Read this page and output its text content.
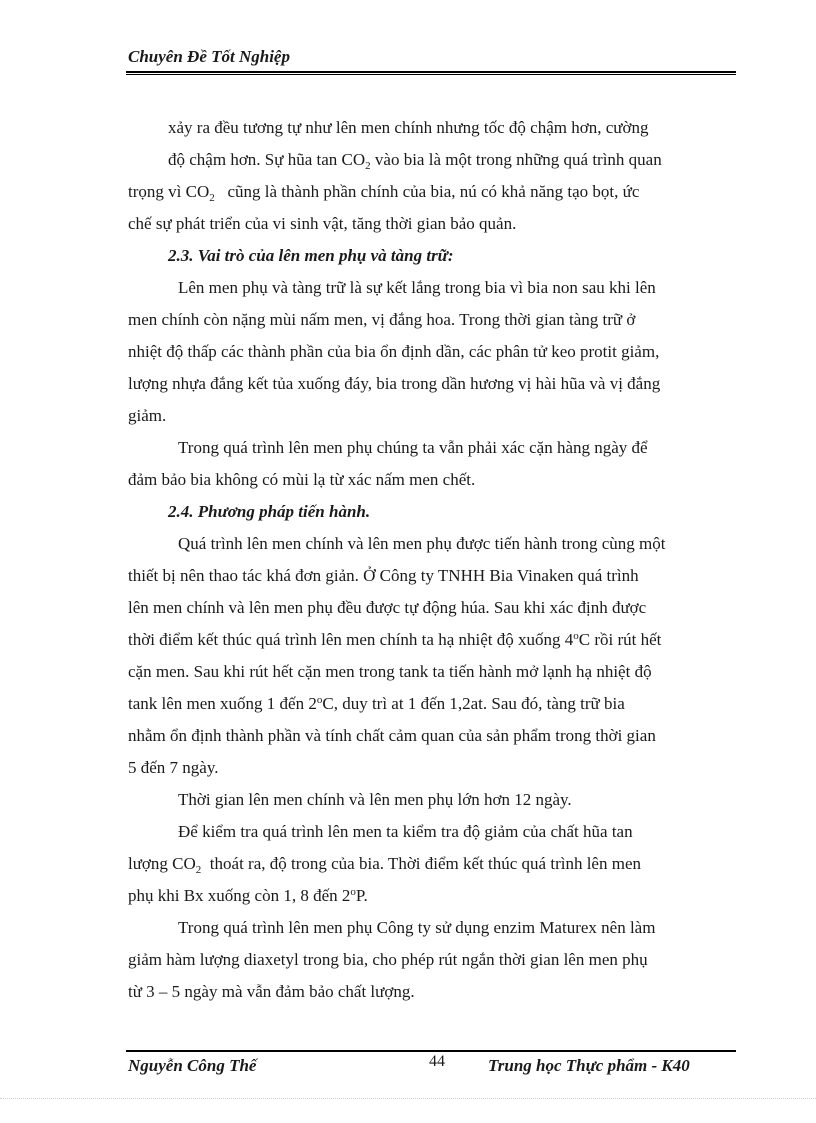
Chuyên Đề Tốt Nghiệp
xảy ra đều tương tự như lên men chính nhưng tốc độ chậm hơn, cường
độ chậm hơn. Sự hũa $\tan CO_2$ vào bia là một trong những quá trình quan
trọng vì $CO_2$   cũng là thành phần chính của bia, nú có khả năng tạo bọt, ức
chế sự phát triển của vi sinh vật, tăng thời gian bảo quản.
2.3. Vai trò của lên men phụ và tàng trữ:
Lên men phụ và tàng trữ là sự kết lắng trong bia vì bia non sau khi lên
men chính còn nặng mùi nấm men, vị đắng hoa. Trong thời gian tàng trữ ở
nhiệt độ thấp các thành phần của bia ổn định dần, các phân tử keo protit giảm,
lượng nhựa đắng kết tủa xuống đáy, bia trong dần hương vị hài hũa và vị đắng
giảm.
Trong quá trình lên men phụ chúng ta vẫn phải xác cặn hàng ngày để
đảm bảo bia không có mùi lạ từ xác nấm men chết.
2.4. Phương pháp tiến hành.
Quá trình lên men chính và lên men phụ được tiến hành trong cùng một
thiết bị nên thao tác khá đơn giản. Ở Công ty TNHH Bia Vinaken quá trình
lên men chính và lên men phụ đều được tự động húa. Sau khi xác định được
thời điểm kết thúc quá trình lên men chính ta hạ nhiệt độ xuống 4$^o$C rồi rút hết
cặn men. Sau khi rút hết cặn men trong tank ta tiến hành mở lạnh hạ nhiệt độ
tank lên men xuống 1 đến 2$^o$C, duy trì at 1 đến 1,2at. Sau đó, tàng trữ bia
nhằm ổn định thành phần và tính chất cảm quan của sản phẩm trong thời gian
5 đến 7 ngày.
Thời gian lên men chính và lên men phụ lớn hơn 12 ngày.
Để kiểm tra quá trình lên men ta kiểm tra độ giảm của chất hũa tan
lượng $CO_2$  thoát ra, độ trong của bia. Thời điểm kết thúc quá trình lên men
phụ khi Bx xuống còn 1, 8 đến 2$^o$P.
Trong quá trình lên men phụ Công ty sử dụng enzim Maturex nên làm
giảm hàm lượng diaxetyl trong bia, cho phép rút ngắn thời gian lên men phụ
từ 3 – 5 ngày mà vẫn đảm bảo chất lượng.
Nguyễn Công Thế	44	Trung học Thực phẩm - K40
